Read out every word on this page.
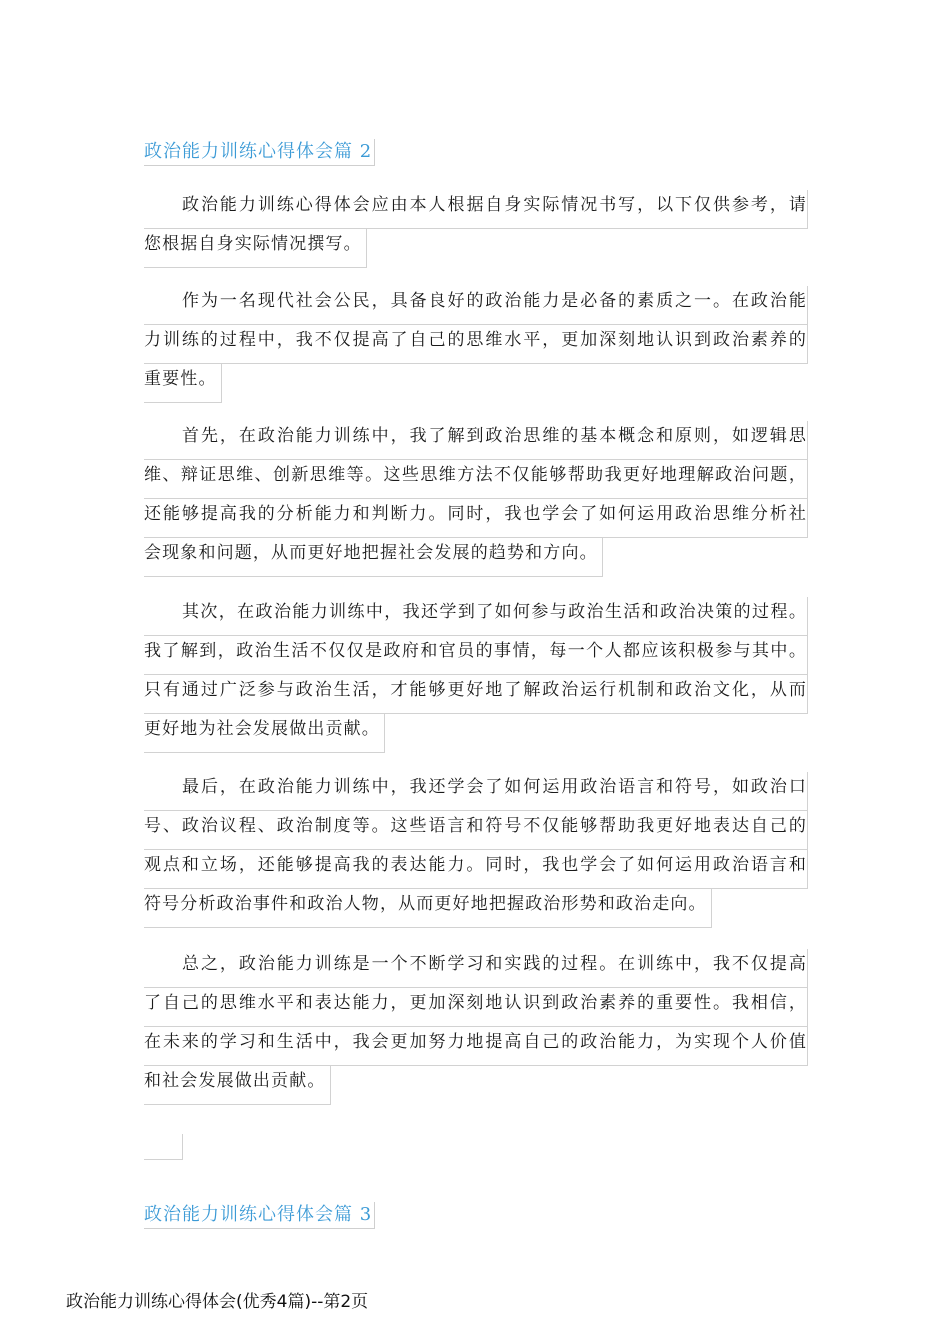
政治能力训练心得体会篇 2
政治能力训练心得体会应由本人根据自身实际情况书写，以下仅供参考，请
您根据自身实际情况撰写。
作为一名现代社会公民，具备良好的政治能力是必备的素质之一。在政治能
力训练的过程中，我不仅提高了自己的思维水平，更加深刻地认识到政治素养的
重要性。
首先，在政治能力训练中，我了解到政治思维的基本概念和原则，如逻辑思
维、辩证思维、创新思维等。这些思维方法不仅能够帮助我更好地理解政治问题，
还能够提高我的分析能力和判断力。同时，我也学会了如何运用政治思维分析社
会现象和问题，从而更好地把握社会发展的趋势和方向。
其次，在政治能力训练中，我还学到了如何参与政治生活和政治决策的过程。
我了解到，政治生活不仅仅是政府和官员的事情，每一个人都应该积极参与其中。
只有通过广泛参与政治生活，才能够更好地了解政治运行机制和政治文化，从而
更好地为社会发展做出贡献。
最后，在政治能力训练中，我还学会了如何运用政治语言和符号，如政治口
号、政治议程、政治制度等。这些语言和符号不仅能够帮助我更好地表达自己的
观点和立场，还能够提高我的表达能力。同时，我也学会了如何运用政治语言和
符号分析政治事件和政治人物，从而更好地把握政治形势和政治走向。
总之，政治能力训练是一个不断学习和实践的过程。在训练中，我不仅提高
了自己的思维水平和表达能力，更加深刻地认识到政治素养的重要性。我相信，
在未来的学习和生活中，我会更加努力地提高自己的政治能力，为实现个人价值
和社会发展做出贡献。
政治能力训练心得体会篇 3
政治能力训练心得体会(优秀4篇)--第2页
